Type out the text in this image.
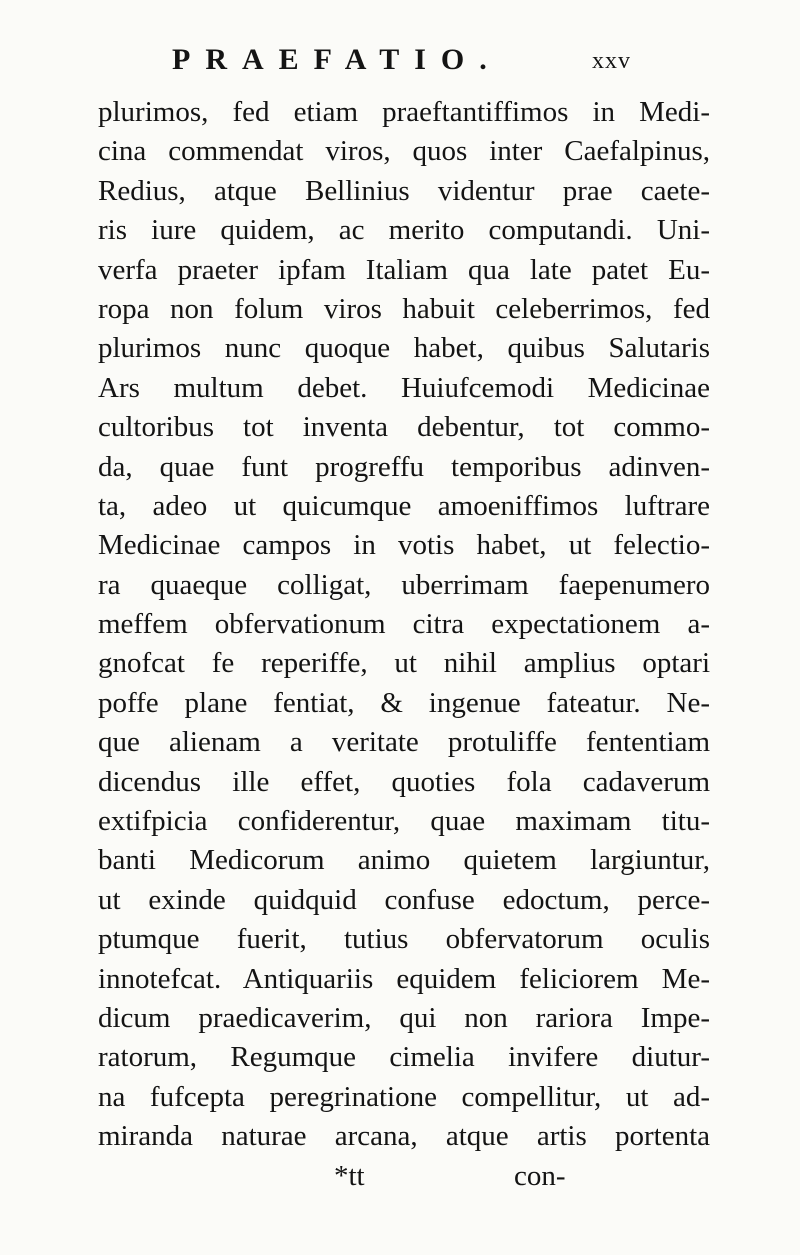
PRAEFATIO.	xxv
plurimos, fed etiam praeftantiffimos in Medi-
cina commendat viros, quos inter Caefalpinus,
Redius, atque Bellinius videntur prae caete-
ris iure quidem, ac merito computandi. Uni-
verfa praeter ipfam Italiam qua late patet Eu-
ropa non folum viros habuit celeberrimos, fed
plurimos nunc quoque habet, quibus Salutaris
Ars multum debet. Huiufcemodi Medicinae
cultoribus tot inventa debentur, tot commo-
da, quae funt progreffu temporibus adinven-
ta, adeo ut quicumque amoeniffimos luftrare
Medicinae campos in votis habet, ut felectio-
ra quaeque colligat, uberrimam faepenumero
meffem obfervationum citra expectationem a-
gnofcat fe reperiffe, ut nihil amplius optari
poffe plane fentiat, & ingenue fateatur. Ne-
que alienam a veritate protuliffe fententiam
dicendus ille effet, quoties fola cadaverum
extifpicia confiderentur, quae maximam titu-
banti Medicorum animo quietem largiuntur,
ut exinde quidquid confuse edoctum, perce-
ptumque fuerit, tutius obfervatorum oculis
innotefcat. Antiquariis equidem feliciorem Me-
dicum praedicaverim, qui non rariora Impe-
ratorum, Regumque cimelia invifere diutur-
na fufcepta peregrinatione compellitur, ut ad-
miranda naturae arcana, atque artis portenta
*tt	con-
